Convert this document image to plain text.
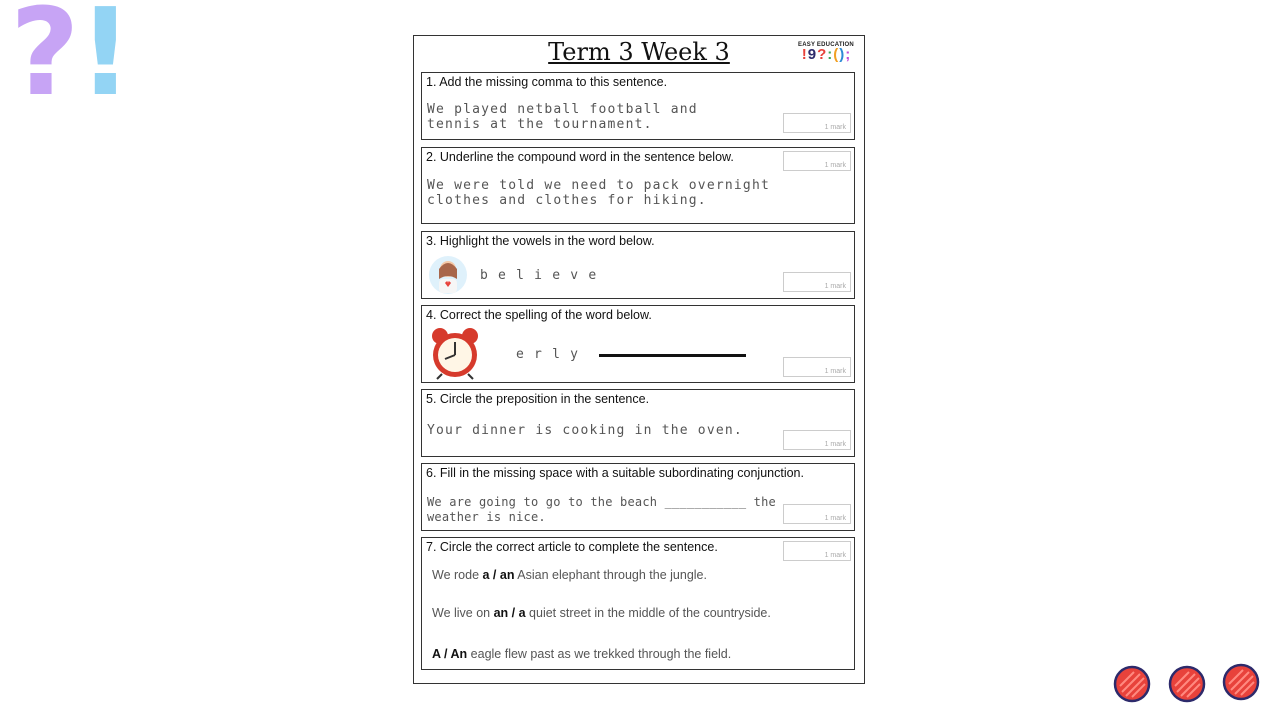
?
!	Term 3 Week 3	EASY EDUCATION
! 9 ? : ( ) ;
1. Add the missing comma to this sentence.
We played netball football and tennis at the tournament.	1 mark
2. Underline the compound word in the sentence below.
1 mark
We were told we need to pack overnight clothes and clothes for hiking.
3. Highlight the vowels in the word below.
b e l i e v e
1 mark
4. Correct the spelling of the word below.
e r l y
1 mark
5. Circle the preposition in the sentence.
Your dinner is cooking in the oven.
1 mark
6. Fill in the missing space with a suitable subordinating conjunction.
We are going to go to the beach ___________ the weather is nice.	1 mark
7. Circle the correct article to complete the sentence.
1 mark
We rode a / an Asian elephant through the jungle.
We live on an / a quiet street in the middle of the countryside.
A / An eagle flew past as we trekked through the field.
